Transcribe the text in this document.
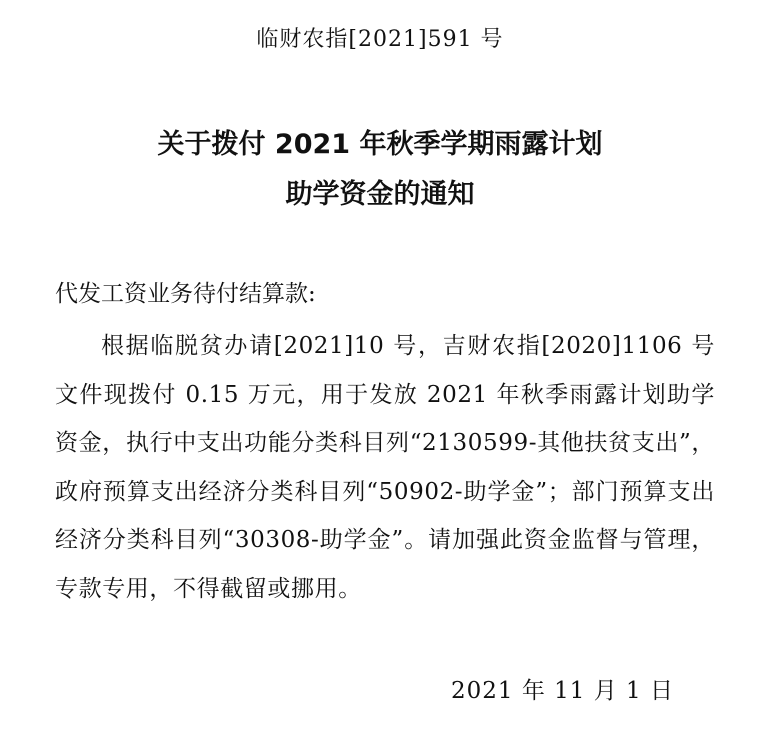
临财农指[2021]591 号
关于拨付 2021 年秋季学期雨露计划
助学资金的通知
代发工资业务待付结算款:

根据临脱贫办请[2021]10 号，吉财农指[2020]1106 号文件现拨付 0.15 万元，用于发放 2021 年秋季雨露计划助学资金，执行中支出功能分类科目列“2130599-其他扶贫支出”，政府预算支出经济分类科目列“50902-助学金”；部门预算支出经济分类科目列“30308-助学金”。请加强此资金监督与管理，专款专用，不得截留或挪用。

2021 年 11 月 1 日
